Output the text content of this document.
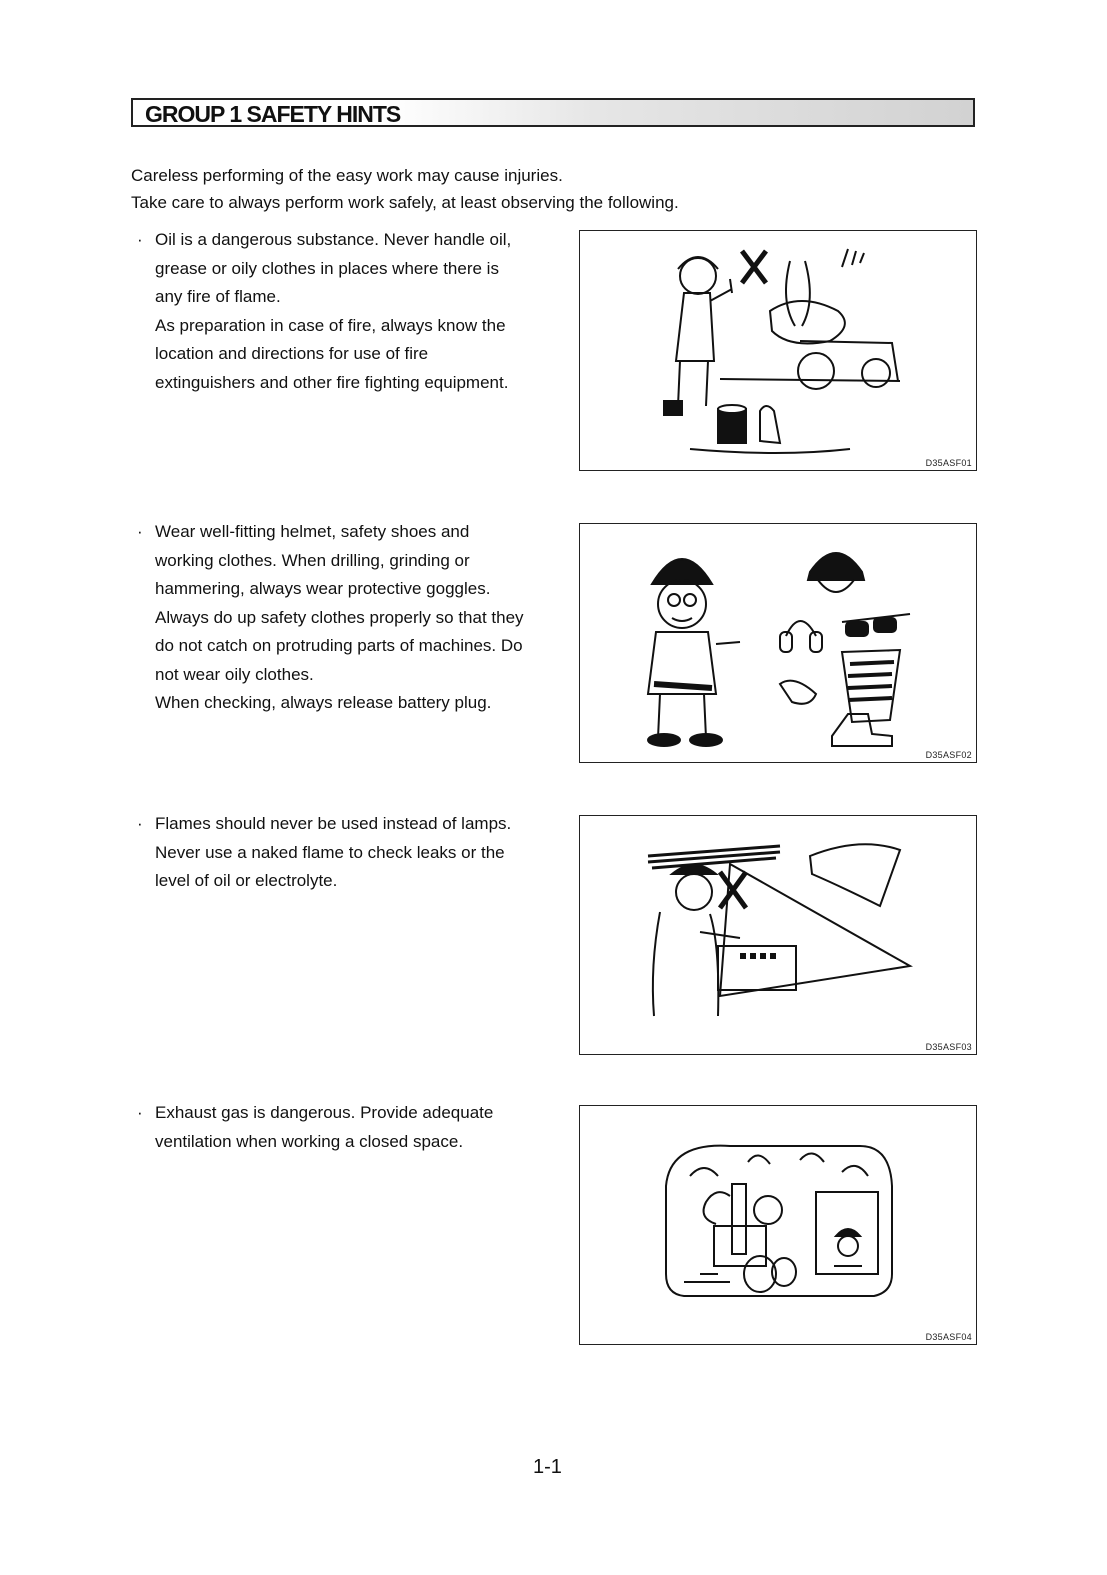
GROUP 1 SAFETY HINTS

Careless performing of the easy work may cause injuries.

Take care to always perform work safely, at least observing the following.

· Oil is a dangerous substance. Never handle oil, grease or oily clothes in places where there is any fire of flame.

As preparation in case of fire, always know the location and directions for use of fire extinguishers and other fire fighting equipment.

D35ASF01
· Wear well-fitting helmet, safety shoes and working clothes. When drilling, grinding or hammering, always wear protective goggles.

Always do up safety clothes properly so that they do not catch on protruding parts of machines. Do not wear oily clothes.

When checking, always release battery plug.

D35ASF02
· Flames should never be used instead of lamps. Never use a naked flame to check leaks or the level of oil or electrolyte.

D35ASF03
· Exhaust gas is dangerous. Provide adequate ventilation when working a closed space.

D35ASF04
1-1
